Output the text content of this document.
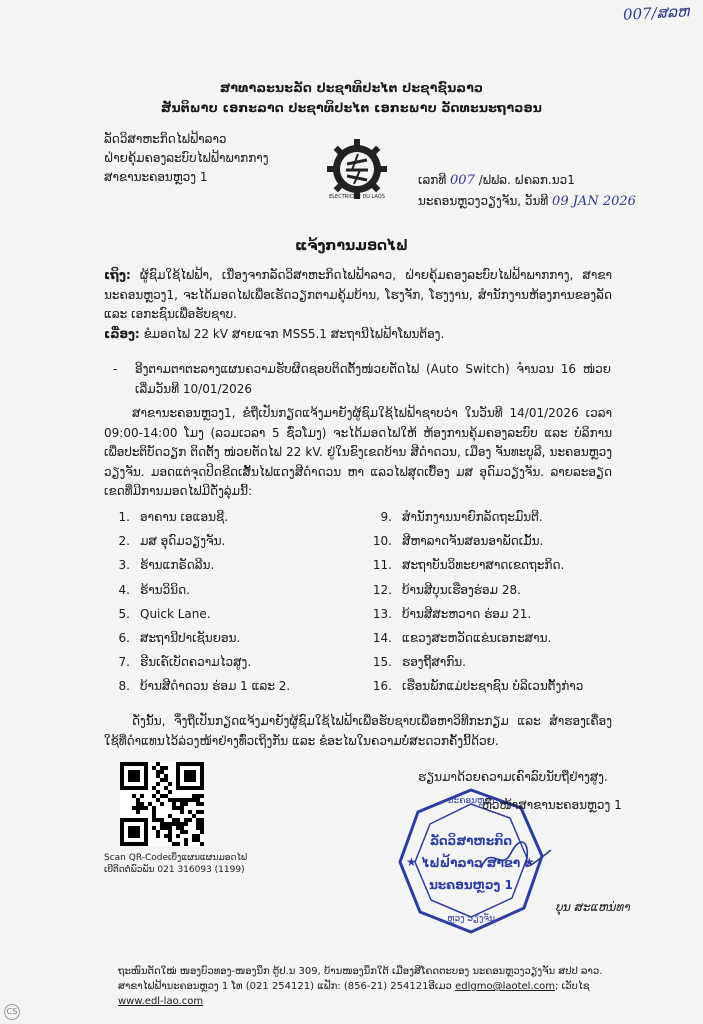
007/ສລຫ
ສາທາລະນະລັດ ປະຊາທິປະໄຕ ປະຊາຊົນລາວ
ສັນຕິພາບ ເອກະລາດ ປະຊາທິປະໄຕ ເອກະພາບ ວັດທະນະຖາວອນ
ລັດວິສາຫະກິດໄຟຟ້າລາວ
ຝ່າຍຄຸ້ມຄອງລະບົບໄຟຟ້າພາກກາງ
ສາຂານະຄອນຫຼວງ 1
ELECTRICITE DU LAOS
ເລກທີ 007 /ຟຟລ. ຝຄລກ.ນວ1
ນະຄອນຫຼວງວຽງຈັນ, ວັນທີ 09 JAN 2026
ແຈ້ງການມອດໄຟ
ເຖິງ: ຜູ້ຊົມໃຊ້ໄຟຟ້າ, ເນື່ອງຈາກລັດວິສາຫະກິດໄຟຟ້າລາວ, ຝ່າຍຄຸ້ມຄອງລະບົບໄຟຟ້າພາກກາງ, ສາຂານະຄອນຫຼວງ1, ຈະໄດ້ມອດໄຟເພື່ອເຮັດວຽກຕາມຄຸ້ມບ້ານ, ໂຮງຈັກ, ໂຮງງານ, ສຳນັກງານຫ້ອງການຂອງລັດ ແລະ ເອກະຊົນເພື່ອຮັບຊາບ.
ເລື່ອງ: ຂໍມອດໄຟ 22 kV ສາຍແຈກ MSS5.1 ສະຖານີໄຟຟ້າໂພນຕ້ອງ.
- ອີງຕາມຕາຕະລາງແຜນຄວາມຮັບຜິດຊອບຕິດຕັ້ງໜ່ວຍຕັດໄຟ (Auto Switch) ຈຳນວນ 16 ໜ່ວຍ ເລີ່ມວັນທີ 10/01/2026
ສາຂານະຄອນຫຼວງ1, ຂໍຖືເປັນກຽດແຈ້ງມາຍັງຜູ້ຊົມໃຊ້ໄຟຟ້າຊາບວ່າ ໃນວັນທີ 14/01/2026 ເວລາ 09:00-14:00 ໂມງ (ລວມເວລາ 5 ຊົ່ວໂມງ) ຈະໄດ້ມອດໄຟໃຫ້ ຫ້ອງການຄຸ້ມຄອງລະບົບ ແລະ ບໍລິການ ເພື່ອປະຕິບັດວຽກ ຕິດຕັ້ງ ໜ່ວຍຕັດໄຟ 22 kV. ຢູ່ໃນຂົງເຂດບ້ານ ສີດຳດວນ, ເມືອງ ຈັນທະບູລີ, ນະຄອນຫຼວງວຽງຈັນ. ມອດແຕ່ຈຸດປິດຂີດເສັ້ນໄຟແດງສີດຳດວນ ຫາ ແລວໄຟສຸດເບື້ອງ ມສ ອຸດົມວຽງຈັນ. ລາຍລະອຽດເຂດທີ່ມີການມອດໄຟມີດັ່ງລຸ່ມນີ້:
1. ອາຄານ ເອແອນຊີ.
2. ມສ ອຸດົມວຽງຈັນ.
3. ຮ້ານແກຣັດລີນ.
4. ຮ້ານວິນິດ.
5. Quick Lane.
6. ສະຖານີປາເຊັນຍອນ.
7. ຮີນເຄ໌ເບັດຄວາມໄວສູງ.
8. ບ້ານສີດຳດວນ ຮ່ອມ 1 ແລະ 2.
9. ສຳນັກງານນາຍົກລັດຖະມົນຕີ.
10. ສີຫາລາດຈັນສອນອາພັດເມັ້ນ.
11. ສະຖາບັນວິທະຍາສາດເຂດຖະກິດ.
12. ບ້ານສີບຸນເຮືອງຮ່ອມ 28.
13. ບ້ານສີສະຫວາດ ຮ່ອມ 21.
14. ແຂວງສະຫວັດແຂ່ນເອກະສານ.
15. ຮອງຖີ້ສາກົນ.
16. ເຮືອນພັກແມ່ປະຊາຊົນ ບໍລິເວນຕັ້ງກ່າວ
ດັ່ງນັ້ນ, ຈຶ່ງຖືເປັນກຽດແຈ້ງມາຍັງຜູ້ຊົມໃຊ້ໄຟຟ້າເພື່ອຮັບຊາບເພື່ອຫາວິທີກະກຽມ ແລະ ສຳຮອງເຄື່ອງໃຊ້ທີ່ດຳແທນໄວ້ລ່ວງໜ້າຢ່າງທົ່ວເຖິງກັນ ແລະ ຂໍອະໄພໃນຄວາມບໍ່ສະດວກຄັ້ງນີ້ດ້ວຍ.
ຮຽນມາດ້ວຍຄວາມເຄົາລົບນັບຖືຢ່າງສູງ.
Scan QR-Codeເບິ່ງແຜນແຜນມອດໄຟ
ເບີຕິດຕໍ່ພົວພັນ 021 316093 (1199)
★	★
ນະຄອນຫຼວງ
ລັດວິສາຫະກິດ
ໄຟຟ້າລາວ ສາຂາ
ນະຄອນຫຼວງ 1
ຫຼວງ ວຽງຈັນ
ຫົວໜ້າສາຂານະຄອນຫຼວງ 1
ບຸນ ສະແຫນ່ທາ
ຖະໜົນຕັດໃໝ່ ໜອງບົວທອງ-ໜອງນຶກ ຕູ້ປ.ນ 309, ບ້ານໜອງນຶກໃຕ້ ເມືອງສີໂຄດຕະບອງ ນະຄອນຫຼວງວຽງຈັນ ສປປ ລາວ.
ສາຂາໄຟຟ້ານະຄອນຫຼວງ 1 ໂທ (021 254121) ແຟັກ: (856-21) 254121ອີເມວ edlgmo@laotel.com; ເວັບໄຊ www.edl-lao.com
CS
